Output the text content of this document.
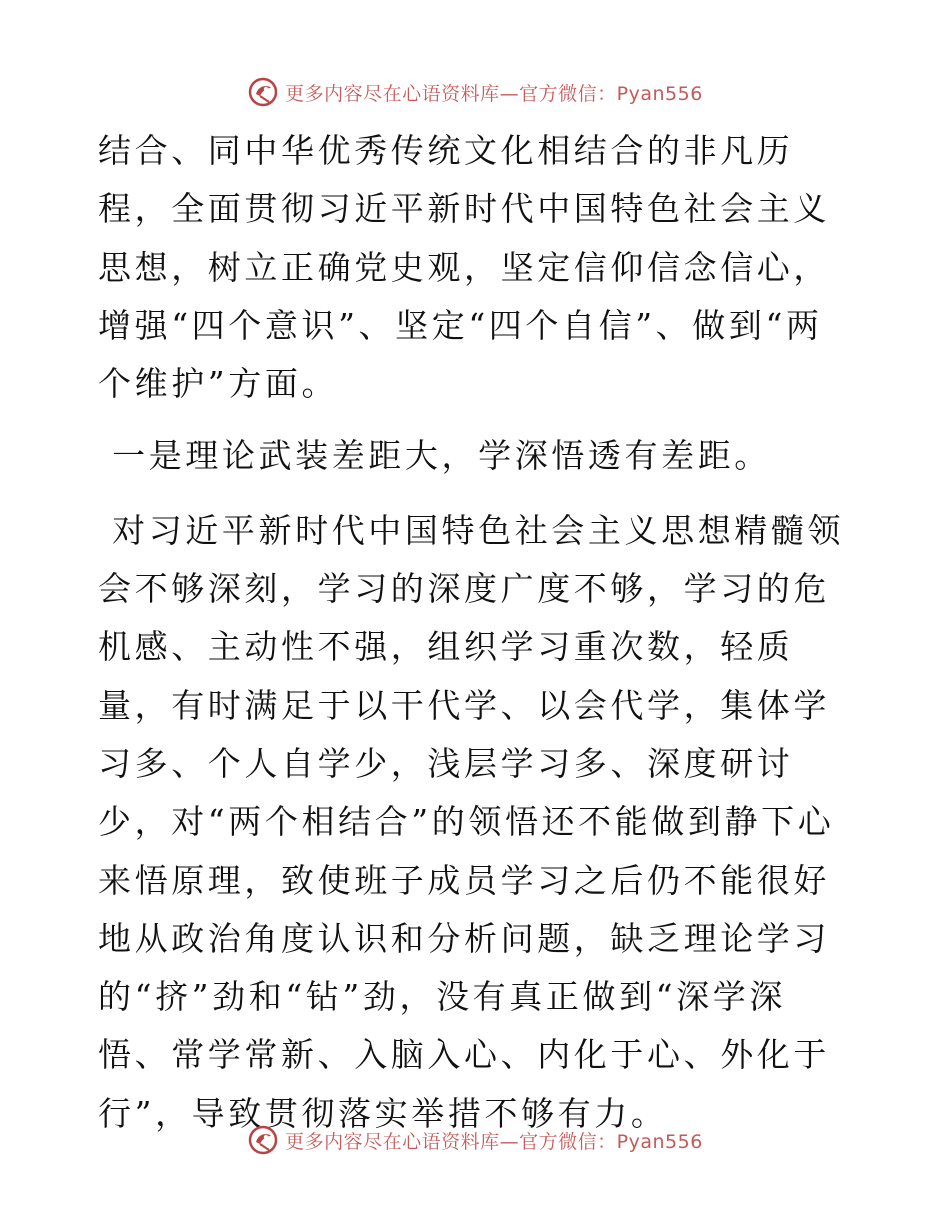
更多内容尽在心语资料库—官方微信：Pyan556

结合、同中华优秀传统文化相结合的非凡历程，全面贯彻习近平新时代中国特色社会主义思想，树立正确党史观，坚定信仰信念信心，增强“四个意识”、坚定“四个自信”、做到“两个维护”方面。

一是理论武装差距大，学深悟透有差距。

对习近平新时代中国特色社会主义思想精髓领会不够深刻，学习的深度广度不够，学习的危机感、主动性不强，组织学习重次数，轻质量，有时满足于以干代学、以会代学，集体学习多、个人自学少，浅层学习多、深度研讨少，对“两个相结合”的领悟还不能做到静下心来悟原理，致使班子成员学习之后仍不能很好地从政治角度认识和分析问题，缺乏理论学习的“挤”劲和“钻”劲，没有真正做到“深学深悟、常学常新、入脑入心、内化于心、外化于行”，导致贯彻落实举措不够有力。

更多内容尽在心语资料库—官方微信：Pyan556
